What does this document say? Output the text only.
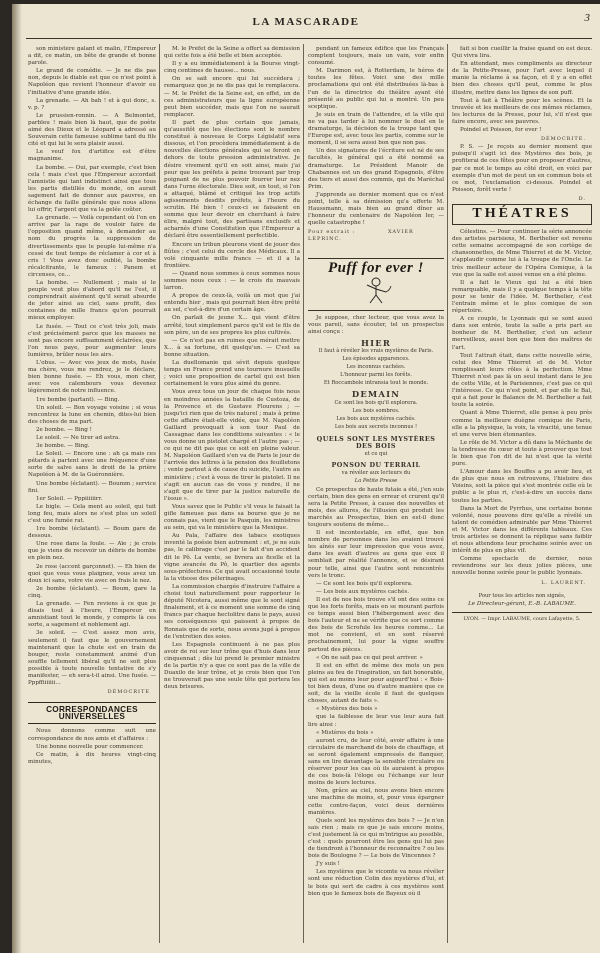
LA MASCARADE	3

son ministère galant et malin, l'Empereur a dit, ce matin, un bête de grande et bonne parole.

Le grand de comédie. — Je ne dis pas non, depuis le diable est que ce n'est point à Napoléon que revient l'honneur d'avoir eu l'initiative d'une grande idée.

La grenade. — Ah bah ! et à qui donc, s. v. p. ?

Le prussien-ronnin. — A Belmontet, parbleu ! mais bien là haut, que de poète aimé des Dieux et le Léopard a adressé au Souverain cette fameuse sublime tant du fils cité et qui lui le sera plaisir aussi.

Le veuf fox d'artifice est d'être magnanime.

La bombe. — Oui, par exemple, c'est bien cela ! mais c'est que l'Empereur accordait l'amnistie qui tant indistinct ainsi que tous les partis distillés du monde, on aurait sagement fait de donner aux pauvres, en échange du faille générale que nous allons lui offrir, l'argent que va la gelée coûter.

La grenade. — Voilà cependant où l'on en arrive par la rage de vouloir faire de l'opposition quand même, à demander au nom du progrès la suppression de divertissements que le peuple lui-même n'a cessé de tout temps de réclamer à cor et à cris ! Vous avez donc oublié, la bombe récalcitrante, le fameux : Panem et circenses, ce...

La bombe. — Nullement ; mais si le peuple veut plus d'abord qu'il ne l'est, il comprendrait aisément qu'il serait absurde de jeter ainsi au ciel, sans profit, des centaines de mille francs qu'on pourrait mieux employer.

Le fusée. — Tout ce c'est très joli, mais c'est précisément parce que les masses ne sont pas encore suffisamment éclairées, que l'on nous paye, pour augmenter leurs lumières, brûler nous les airs.

L'obus. — Avec vos jeux de mots, fusée ma chère, vous me rendrez, je le déclare, bien bonne fusée. — Eh vous, mon cher, avec vos calembours vous devenez légèrement de notre influence.

1re bombe (partant). — Bing.

Un soleil. — Bon voyage voisine ; si vous rencontrez la lune en chemin, dites-lui bien des choses de ma part.

2e bombe. — Bing !

Le soleil. — Ne tirer ad astra.

3e bombe. — Bing.

Le Soleil. — Encore une : ah ça mais ces pétards à partent avec une fréquence d'une sorte de salve sans le droit de la prière Napoléon à M. de la Guéronnière.

Une bombe (éclatant). — Boumm ; service fini.

1er Soleil. — Pppiiiiiirr.

Le bigle. — Cela ment au soleil, qui tuit long feu, mais alors ne s'est plus un soleil c'est une fumée rat.

1re bombe (éclatant). — Boum gare de dessous.

Une rose dans la foule. — Aïe ; je crois que je viens de recevoir un débris de bombe en plein nez.

2e rose (accent garçonnet). — Eh bien de quoi que vous vous plaignez, vous avez un doux ici sans, votre vie avec on frais le nez.

2e bombe (éclatant). — Boum, gare la cinq.

La grenade. — Fen reviens à ce que je disais tout à l'heure, l'Empereur en amnistiant tout le monde, y compris là ces sorte, a sagement et noblement agi.

3e soleil. — C'est assez mon avis, seulement il faut que le gouvernement maintenant que la chute est en train de bouger, reste constamment animé d'un souffle tellement libéral qu'il ne soit plus possible à toute nouvelle tentative de s'y manifester, — eh sera-t-il ainsi. Une fusée. — Pppffiiiiiii...

DÉMOCRITE

CORRESPONDANCES UNIVERSELLES

Nous donnons comme suit une correspondance de nos amis et d'affaires :

Une bonne nouvelle pour commencer.

Ce matin, à dix heures vingt-cinq minutes,

M. le Préfet de la Seine a offert sa démission qui cette fois a été belle et bien acceptée.

Il y a eu immédiatement à la Bourse vingt-cinq centimes de hausse... nous.

On se sait encore qui lui succédera ; remarquez que je ne dis pas qui le remplacera. — M. le Préfet de la Seine est, en effet, un de ces administrateurs que la ligne européenne peut bien succéder, mais que l'on ne saurait remplacer.

Il part de plus certain que jamais, qu'aussitôt que les élections sont le nombre constitué à nouveau le Corps Législatif sera dissous, et l'on procèdera immédiatement à de nouvelles élections générales qui se feront en dehors de toute pression administrative. Je désire vivement qu'il en soit ainsi, mais j'ai peur que les préfets à peine trouvant par trop poignant de ne plus pouvoir fourrer leur nez dans l'urne électorale. Dieu soit, en tout, si l'on a attaqué, blâmé et critiqué les trop actifs agissements desdits préfets, à l'heure du scrutin. Hé bien ! ceux-ci se faisaient en somme que leur devoir en cherchant à faire élire, malgré tout, des partisans exclusifs et acharnés d'une Constitution que l'Empereur a déclaré être essentiellement perfectible.

Encore un tribun pleurons vient de jouer des flûtes ; c'est celui du cercle des Médicaux. Il a volé cinquante mille francs — et il a la frontière.

— Quand nous sommes à ceux sommes nous sommes nous ceux : — le crois du mauvais larron.

A propos de ceux-là, voilà un mot que j'ai entendu hier , mais qui pourrait bien être prêté au sel, c'est-à-dire d'un certain âge.

On parlait de jeune X... qui vient d'être arrêté, tout simplement parce qu'il est le fils de son père, un de ses propres les plus cultivés.

— Ce n'est pas en ruines que mérait mettre X... à sa fortune, dit quelqu'un. — C'est sa bonne situation.

La duellomanie qui sévit depuis quelque temps en France prend une tournure inusuelle ; voici une proposition de cartel qui est bien certainement le vœu plus aimé du genre.

Vous avez tous un jour de chaque fois nous en moindres années la bataille de Custoza, de la Provence et de Gustave Flourens ; — jusqu'ici rien que de très naturel ; mais à prime cette affaire était-elle vidée, que M. Napoléon Gaillard provoquait à son tour Paul de Cassagnac dans les conditions suivantes : « le vous donne un pistolet chargé et l'autre pas ; — ce qui ne dit pas que ce soit en pleine valeur. M. Napoléon Gaillard s'en va de Paris le jour de l'arrivée des lettres à la pension des feuilletons ; vente partout à de cause du suicide, l'autre au ministère ; c'est à vous de tirer le pistolet. Il ne s'agit en aucun cas de vous y rendre, il ne s'agit que de tirer par la justice naturelle de l'issue ».

Vous savez que le Public s'il vous le faisait la gifle fameuse pas dans sa bourse que je ne connais pas, vient que le Pasquin, les ministres au sein, qui va le ministère que la Mexique.

Au Pala, l'affaire des tabacs exotiques inventé la poésie bien autrement : et, je ne suis pas, le calibrage c'est par le fait d'un accident dit le Pô. La vente, se livrera au ficelle et la vigne avancée du Pô, le quartier des agents sous-préfectures. Ce qui avait occasionné toute la la vitesse des pélerinages.

La commission chargée d'instruire l'affaire a choisi tout naturellement pour rapporteur le député Nicotera, aussi même que le sont signé finalement, et à ce moment une somme de cinq francs par chaque hectolitre dans le pays, aussi ses conséquences qui paissent à propos de Ronnais que de sorte, nous avons jugé à propos de l'entretien des soies.

Les Espagnols continuent à ne pas plus avoir de roi sur leur trône que d'huis dans leur cinquennat ; dès lui prend le premier ministre de la partie n'y a que ce sont pas de la ville de Duaxilo de leur trône, et je crois bien que l'on ne trouverait pas une seule tête qui portera les deux brisures.

pendant un fameux édifice que les Français comptent toujours, mais un vain, voir enfin consumé.

M. Darimon est, à Rotterdam, le héros de toutes les fêtes. Voici une des mille proclamations qui ont été distribuées là-bas à l'un de la directrice du théâtre ayant été présenté au public qui lui a montré. Un peu sceptique.

Je suis en train de l'attendre, et la ville qui ne va pas tarder à lui nommer le duel en le dramaturge, la décision de la troupe tant que l'Europe est, avec tous les partis, comme sur le moment, il se sera aussi bon que non pas.

Un des signatures de l'écriture est né de ses facultés, le général qui a été nommé sa dramaturge. Le Président Manoir de Chabannes est un des grand Espagnols, d'être des tiers et aussi des commis, qui du Maréchal Prim.

J'apprends au dernier moment que ce n'est point, telle à sa démission qu'a offerte M. Haussmann, mais bien au grand dîner au l'honneur du centenaire de Napoléon Ier, — quelle catastrophe !

Pour extrait :	XAVIER LEPRINC.

Puff for ever !

Je suppose, cher lecteur, que vous avez lu vous pareil, sans écouter, tel un prospectus ainsi conçu :

HIER

Il faut à révéler les vrais mystères de Paris.

Les épisodes apparences.

Les inconnus cachées.

L'honneur parmi les forêts.

Et Roccambole intransia tout le monde.

DEMAIN

Ce sont les bois qu'il explorera.

Les bois sombres.

Les bois aux mystères cachés.

Les bois aux secrets inconnus !

QUELS SONT LES MYSTÈRES DES BOIS

et ce qui

PONSON DU TERRAIL

va révéler aux lecteurs du

La Petite Presse

Ce prospectus de haute futaie a été, j'en suis certain, bien des gens en erreur et crurent qu'il sera la Petite Presse, à cause des nouvelles et mois, des allures, de l'illusion qui produit les marchés au Prospectus, bien en est-il donc toujours soutenu de même...

Il est incontestable, en effet, que bon nombre de personnes dans les avaient trouvé les aînés sur leur impression que vous avez, dans les avait d'autres au gens que eux il semblait par réalité l'annonce, et se désirant pour telle, ainsi que l'autre sont rencontrés vers le tronc.

— Ce sont les bois qu'il explorera.

— Les bois aux mystères cachés.

Il est de nos bois trouve s'il ont des soins ce que les forts forêts, mais en se mourant parfois ce temps aussi bien l'hébergement avec des bois l'auteur et ne se vérifie que ce sort comme des bois de Scrofule les heures comme... Le mot ne convient, et en sont réservé prochainement, lui pour la vigne souffre partout des pièces.

« On ne sait pas ce qui peut arriver. »

Il est en effet de même des mots un peu pleins au feu de l'inspiration, un fait honorable, qui est au moins leur pour aujourd'hui : « Bois-toi bien deux, d'une ou d'autre manière que ce soit, de la vieille école il faut de quelques choses, autant de faits ».

« Mystères des bois »

que la faiblesse de leur vue leur aura fait lire ainsi :

« Mistères du bois »

auront cru, de leur côté, avoir affaire à une circulaire de marchand de bois de chauffage, et se seront également empressés de flanquer, sans en lire davantage la sensible circulaire ou réserver pour les cas où ils auraient à propos de ces bois-là l'éloge ou l'échange sur leur moins de leurs lectures.

Non, grâce au ciel, nous avons bien encore une machine de moins, et, pour vous épargner cette contre-façon, voici deux dernières manières.

Quels sont les mystères des bois ? — Je n'en sais rien ; mais ce que je sais encore moins, c'est justement là ce qui m'intrigue au possible, c'est : quels pourront être les gens qui lui pas de tiendront à l'honneur de reconnaître ? ou les bois de Boulogne ? — Le bois de Vincennes ?

J'y suis !

Les mystères que le vicomte va nous révéler sont une réduction Colin des mystères d'lui, et le bois qui sert de cadre à ces mystères sont bien que le fameux bois de Bayeux où il

fait si bon cueillir la fraise quand on est deux. Qui vivra lira.

En attendant, mes compliments au directeur de la Petite-Presse, pour l'art avec lequel il manie la réclame à sa façon, et il y a en effet bien des choses qu'il peut, comme le plus illustre, mettre dans les lignes de son puff.

Tout à fait à Théâtre pour les scènes. Et la trouvée et les meilleurs de ces mêmes réclames, les lectures de la Presse, pour lui, s'il n'est que faire encore, avec ses pauvres.

Poindel et Poisson, for ever !

DÉMOCRITE.

P. S. — Je reçois au dernier moment que puisqu'il s'agit ici des Mystères des bois, je profiterai de ces fêtes pour en proposer d'autres, par ce mot le temps au côté droit, en voici par exemple d'un mot de peut un en commun bois et ce mot, l'exclamation ci-dessus. Poindel et Poisson, forêt verte !

D.

THÉATRES

Célestins. — Pour continuer la série annoncée des artistes parisiens, M. Berthelier est revenu cette semaine accompagné de son cortège de chansonnettes, de Mme Thierret et de M. Victor, s'applaudir comme lui à la troupe de l'Oncle. Le très meilleur acteur de l'Opéra Comique, à la vue que la salle est aussi venue en a été pleine.

Il a fait le Vieux qui lui a été bien remarquable, mais il y a quelque temps à la tête pour se tenir de l'idée. M. Berthelier, c'est l'entrain même et le plus comique de son répertoire.

A ce couple, le Lyonnais qui se sont aussi dans son entrée, toute la salle a pris part au bonheur de M. Berthelier, c'est un acteur merveilleux, aussi bon que bien des maîtres de l'art.

Tout l'attrait était, dans cette nouvelle série, celui des Mme Thierret et de M. Victor remplissant leurs rôles à la perfection. Mme Thierret n'est pas là un seul instant dans le jeu de cette Ville, et le Parisiennes, c'est pas ce qui l'intéresse. Ce qui n'est point, et par elle le Bal, qui a fait pour le Balance de M. Berthelier a fait toute la soirée.

Quant à Mme Thierret, elle pense à peu près comme la meilleure duègne comique de Paris, elle a la physique, la voix, la vivacité, une tenue et une verve bien étonnantes.

Le rôle de M. Victor a dû dans la Méchante de la tendresse du cœur et toute à prouver que tout le bien que l'on dit de lui n'est que la vérité pure.

L'Amour dans les Bouffes a pu avoir lieu, et de plus que nous en retrouvons, l'histoire des Voisins, soit la pièce qui s'est montrée celle où le public a le plus ri, c'est-à-dire un succès dans toutes les parties.

Dans la Mort de Pyrrhus, une certaine bonne volonté, nous pouvons dire qu'elle a révélé un talent de comédien admirable par Mme Thierret et M. Victor dans les différents tableaux. Ces trois artistes se donnent la réplique sans faiblir et nous attendons leur prochaine soirée avec un intérêt de plus en plus vif.

Comme spectacle de dernier, nous reviendrons sur les deux jolies pièces, une nouvelle bonne soirée pour le public lyonnais.

L. LAURENT.

Pour tous les articles non signés,

Le Directeur-gérant, E.-B. LABAUME.

LYON. — Impr. LABAUME, cours Lafayette, 5.
